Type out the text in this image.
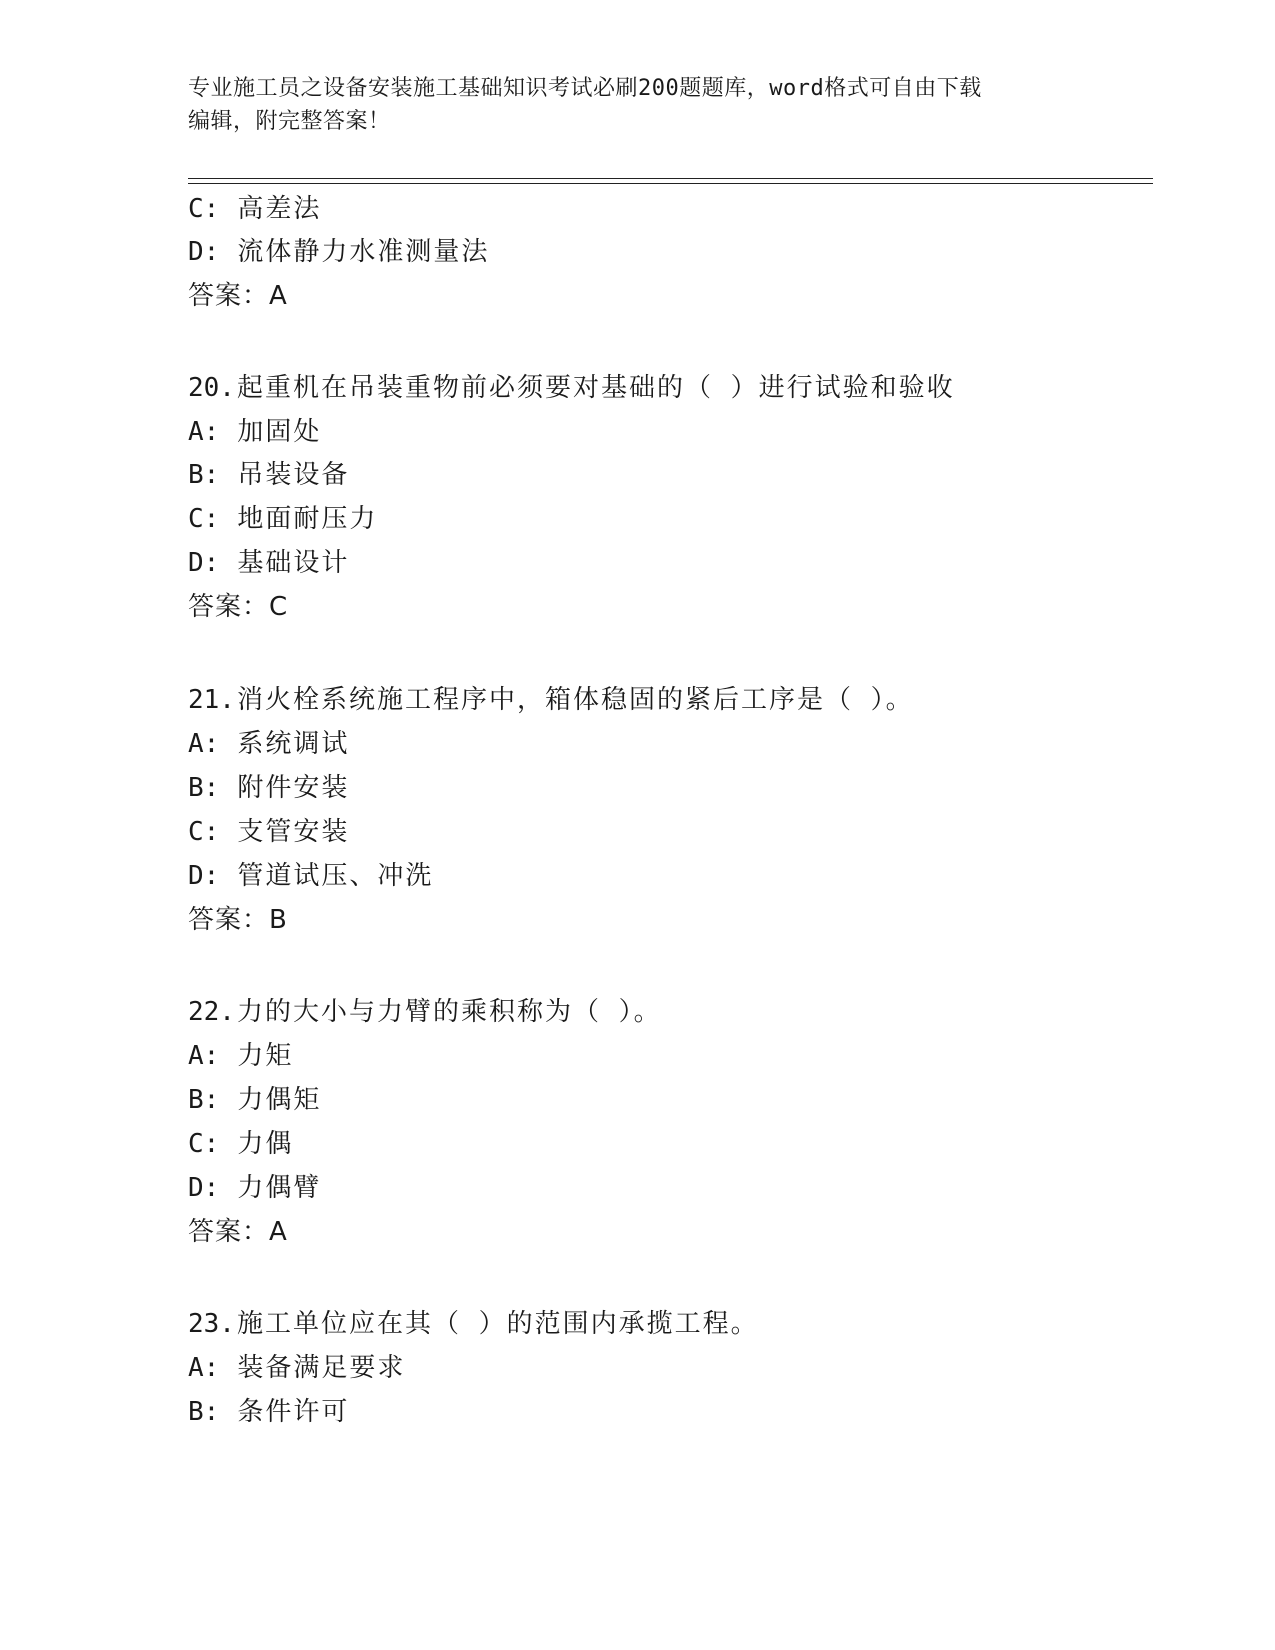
专业施工员之设备安装施工基础知识考试必刷200题题库，word格式可自由下载
编辑，附完整答案！
C: 高差法
D: 流体静力水准测量法
答案：A
20.起重机在吊装重物前必须要对基础的（ ）进行试验和验收
A: 加固处
B: 吊装设备
C: 地面耐压力
D: 基础设计
答案：C
21.消火栓系统施工程序中，箱体稳固的紧后工序是（ ）。
A: 系统调试
B: 附件安装
C: 支管安装
D: 管道试压、冲洗
答案：B
22.力的大小与力臂的乘积称为（ ）。
A: 力矩
B: 力偶矩
C: 力偶
D: 力偶臂
答案：A
23.施工单位应在其（ ）的范围内承揽工程。
A: 装备满足要求
B: 条件许可
